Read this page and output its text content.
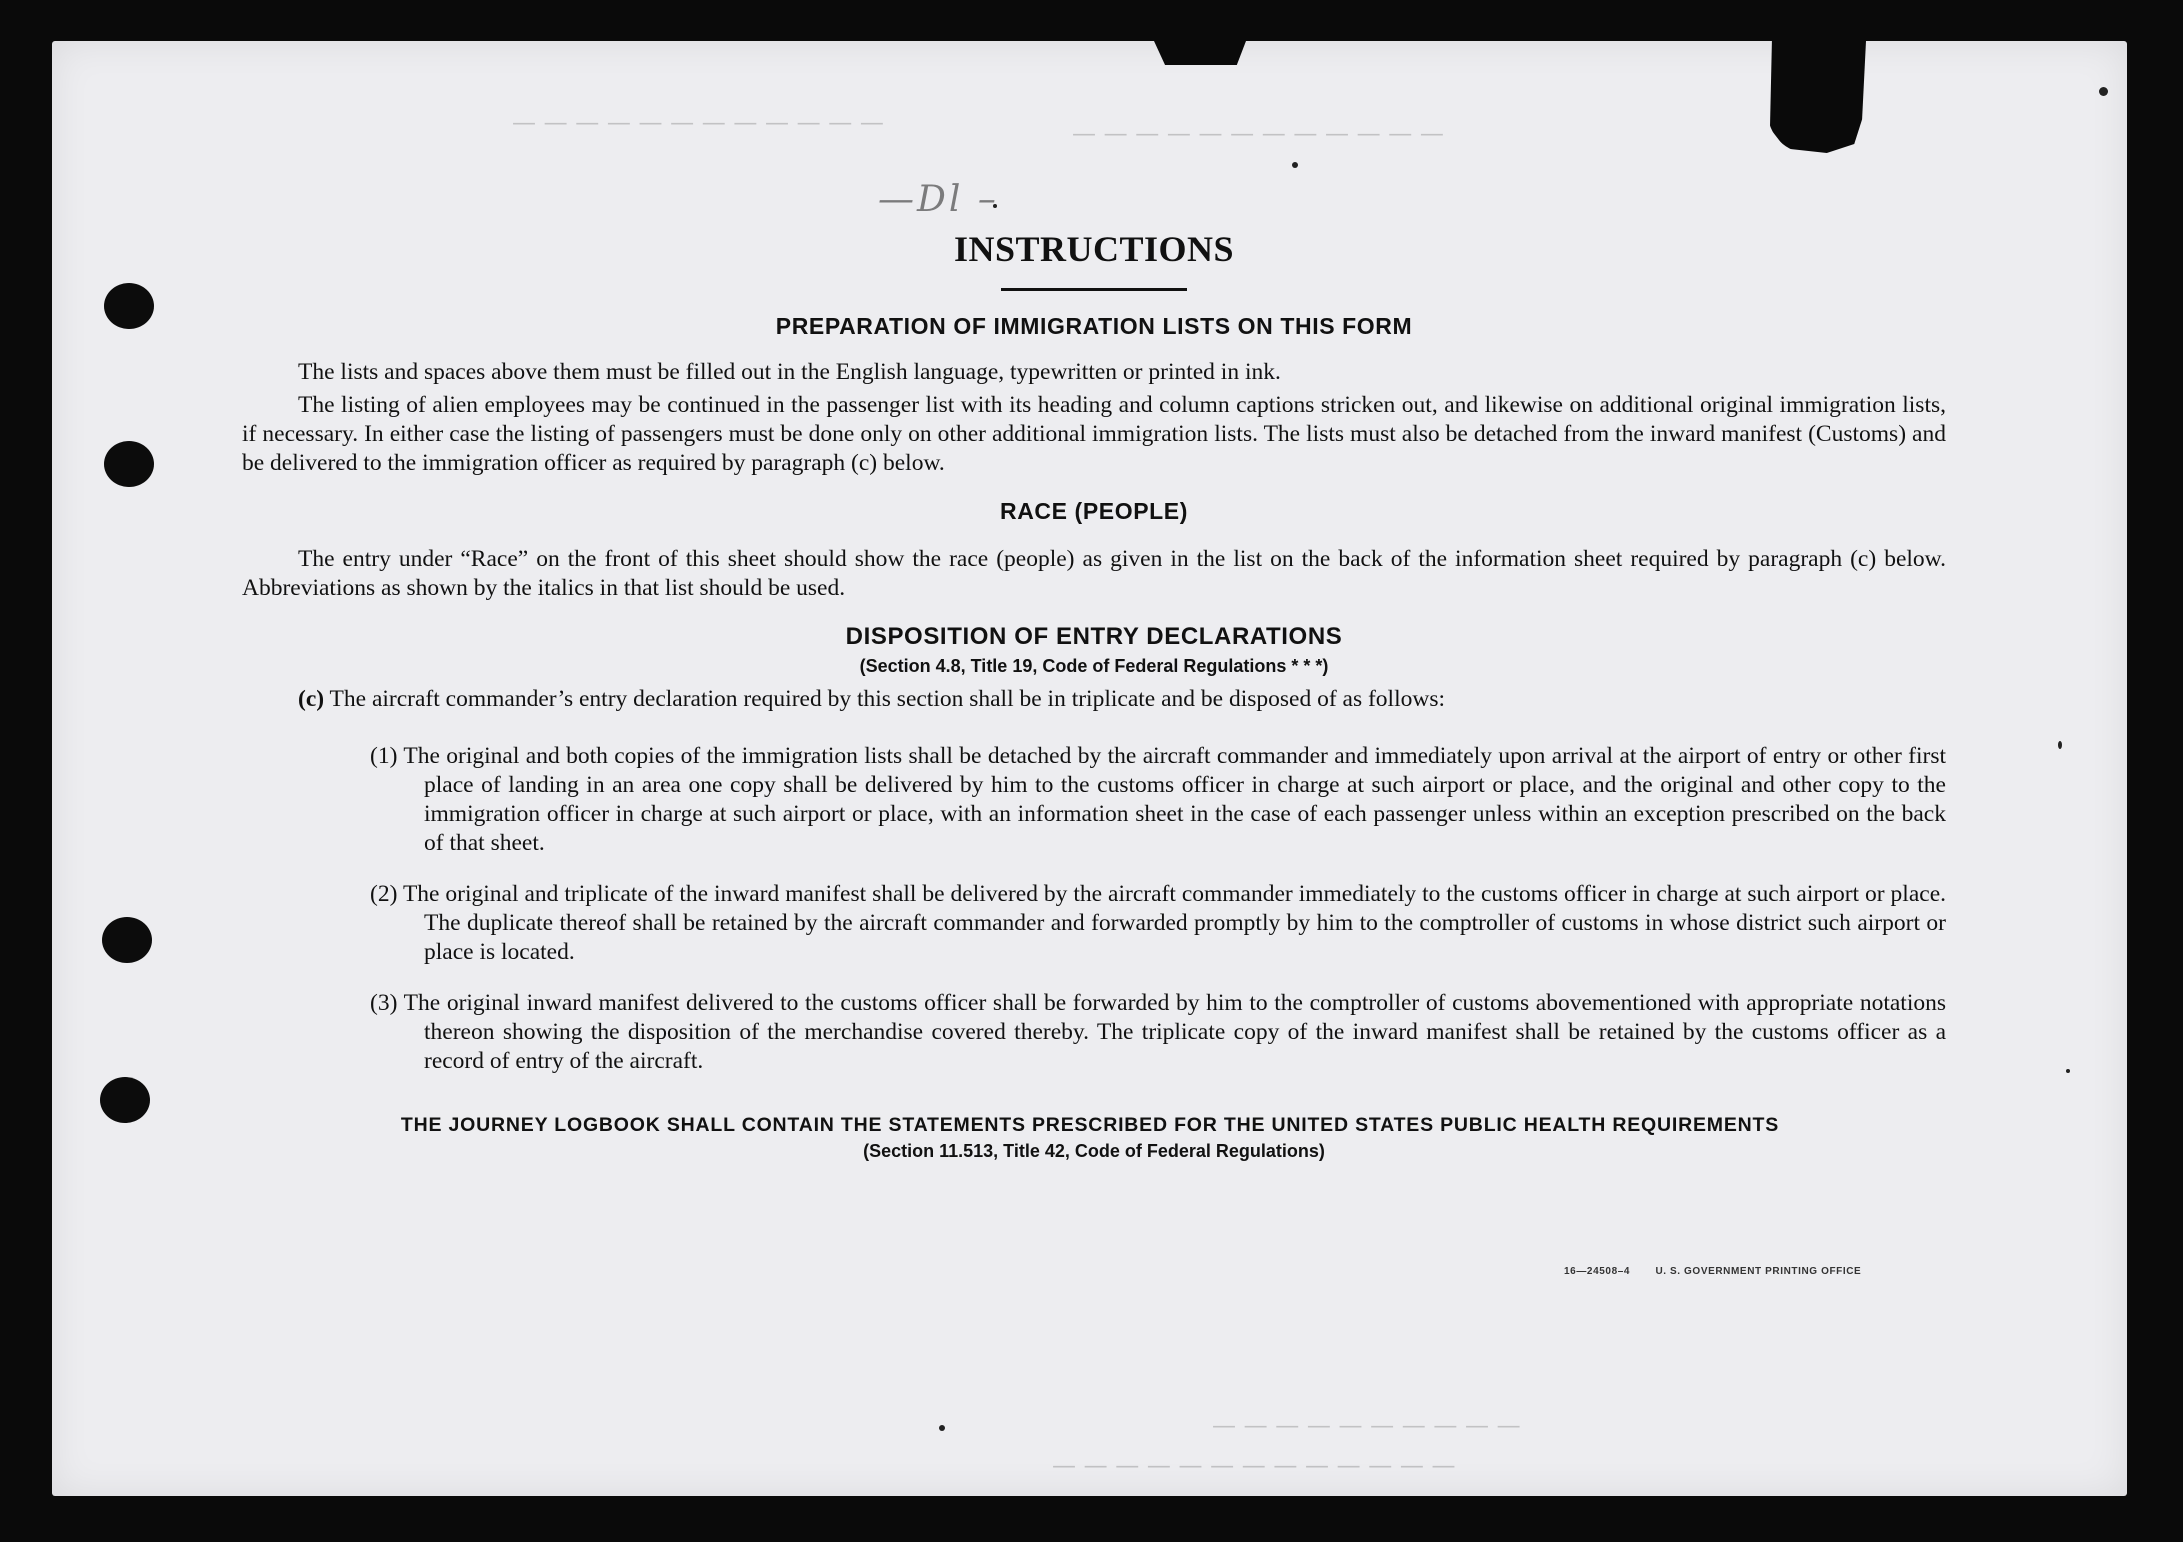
— — — — — — — — — — — —	— — — — — — — — — — — —
— — — — — — — — — —
— — — — — — — — — — — — —
—Dl –
INSTRUCTIONS
PREPARATION OF IMMIGRATION LISTS ON THIS FORM

The lists and spaces above them must be filled out in the English language, typewritten or printed in ink.

The listing of alien employees may be continued in the passenger list with its heading and column captions stricken out, and likewise on additional original immigration lists, if necessary. In either case the listing of passengers must be done only on other additional immigration lists. The lists must also be detached from the inward manifest (Customs) and be delivered to the immigration officer as required by paragraph (c) below.

RACE (PEOPLE)

The entry under “Race” on the front of this sheet should show the race (people) as given in the list on the back of the information sheet required by paragraph (c) below. Abbreviations as shown by the italics in that list should be used.

DISPOSITION OF ENTRY DECLARATIONS
(Section 4.8, Title 19, Code of Federal Regulations * * *)
(c) The aircraft commander’s entry declaration required by this section shall be in triplicate and be disposed of as follows:
(1) The original and both copies of the immigration lists shall be detached by the aircraft commander and immediately upon arrival at the airport of entry or other first place of landing in an area one copy shall be delivered by him to the customs officer in charge at such airport or place, and the original and other copy to the immigration officer in charge at such airport or place, with an information sheet in the case of each passenger unless within an exception prescribed on the back of that sheet.
(2) The original and triplicate of the inward manifest shall be delivered by the aircraft commander immediately to the customs officer in charge at such airport or place. The duplicate thereof shall be retained by the aircraft commander and forwarded promptly by him to the comptroller of customs in whose district such airport or place is located.
(3) The original inward manifest delivered to the customs officer shall be forwarded by him to the comptroller of customs abovementioned with appropriate notations thereon showing the disposition of the merchandise covered thereby. The triplicate copy of the inward manifest shall be retained by the customs officer as a record of entry of the aircraft.
THE JOURNEY LOGBOOK SHALL CONTAIN THE STATEMENTS PRESCRIBED FOR THE UNITED STATES PUBLIC HEALTH REQUIREMENTS
(Section 11.513, Title 42, Code of Federal Regulations)
16—24508–4	U. S. GOVERNMENT PRINTING OFFICE
